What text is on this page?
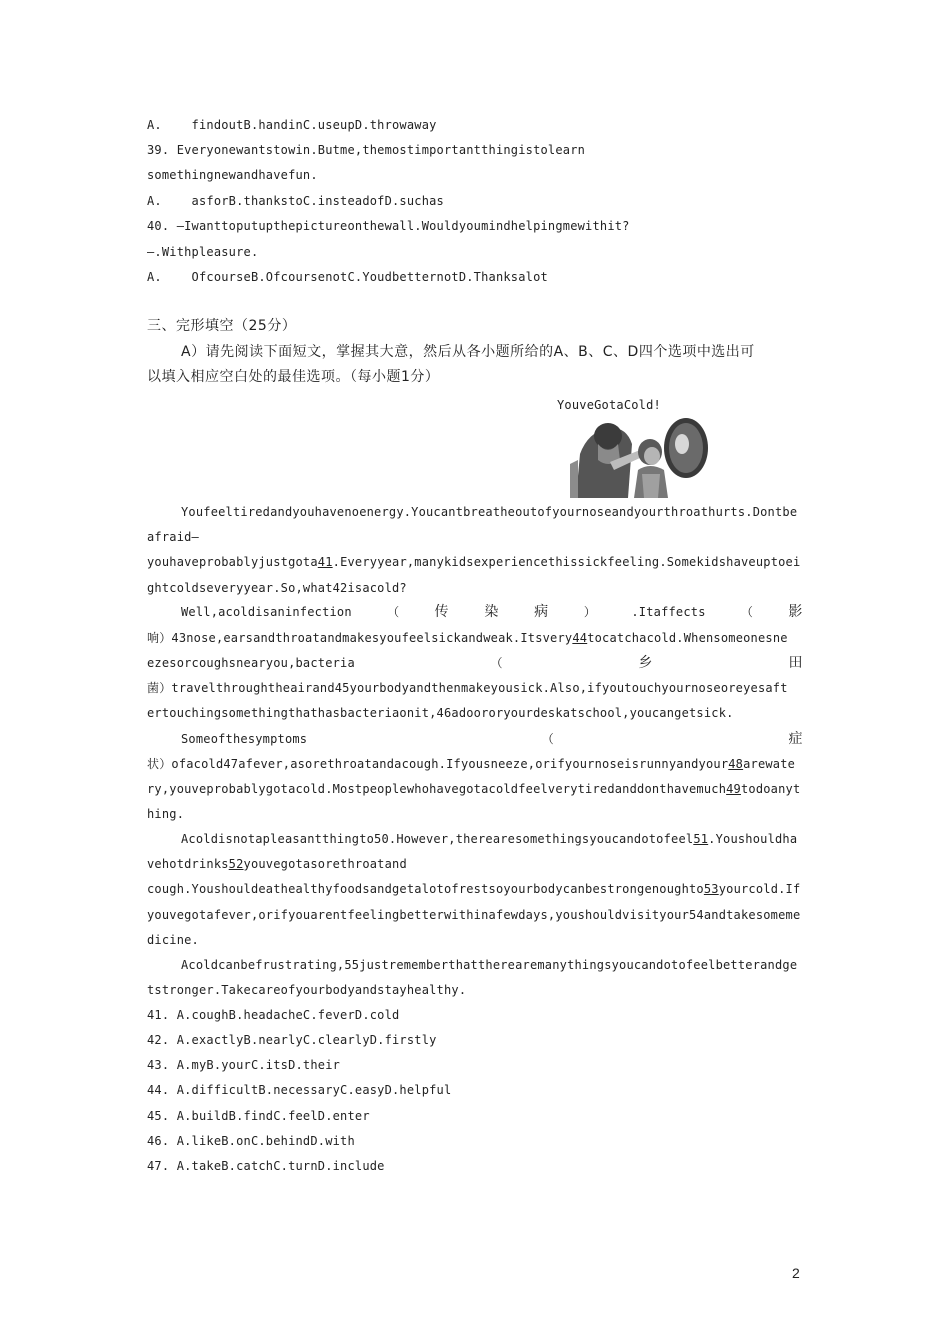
A.    findoutB.handinC.useupD.throwaway
39. Everyonewantstowin.Butme,themostimportantthingistolearn
somethingnewandhavefun.
A.    asforB.thankstoC.insteadofD.suchas
40. —Iwanttoputupthepictureonthewall.Wouldyoumindhelpingmewithit?
—.Withpleasure.
A.    OfcourseB.OfcoursenotC.YoudbetternotD.Thanksalot
三、完形填空（25分）
A）请先阅读下面短文，掌握其大意，然后从各小题所给的A、B、C、D四个选项中选出可
以填入相应空白处的最佳选项。（每小题1分）
YouveGotaCold!
Youfeeltiredandyouhavenoenergy.Youcantbreatheoutofyournoseandyourthroathurts.Dontbe
afraid—
youhaveprobablyjustgota41.Everyyear,manykidsexperiencethissickfeeling.Somekidshaveuptoei
ghtcoldseveryyear.So,what42isacold?
Well,acoldisaninfection	（	传	染	病	）	.Itaffects	（	影
响）43nose,earsandthroatandmakesyoufeelsickandweak.Itsvery44tocatchacold.Whensomeonesne
ezesorcoughsnearyou,bacteria	（	乡	田
菌）travelthroughtheairand45yourbodyandthenmakeyousick.Also,ifyoutouchyournoseoreyesaft
ertouchingsomethingthathasbacteriaonit,46adoororyourdeskatschool,youcangetsick.
Someofthesymptoms	（	症
状）ofacold47afever,asorethroatandacough.Ifyousneeze,orifyournoseisrunnyandyour48arewate
ry,youveprobablygotacold.Mostpeoplewhohavegotacoldfeelverytiredanddonthavemuch49todoanyt
hing.
Acoldisnotapleasantthingto50.However,therearesomethingsyoucandotofeel51.Youshouldha
vehotdrinks52youvegotasorethroatand
cough.Youshouldeathealthyfoodsandgetalotofrestsoyourbodycanbestrongenoughto53yourcold.If
youvegotafever,orifyouarentfeelingbetterwithinafewdays,youshouldvisityour54andtakesomeme
dicine.
Acoldcanbefrustrating,55justrememberthattherearemanythingsyoucandotofeelbetterandge
tstronger.Takecareofyourbodyandstayhealthy.
41. A.coughB.headacheC.feverD.cold
42. A.exactlyB.nearlyC.clearlyD.firstly
43. A.myB.yourC.itsD.their
44. A.difficultB.necessaryC.easyD.helpful
45. A.buildB.findC.feelD.enter
46. A.likeB.onC.behindD.with
47. A.takeB.catchC.turnD.include
2
